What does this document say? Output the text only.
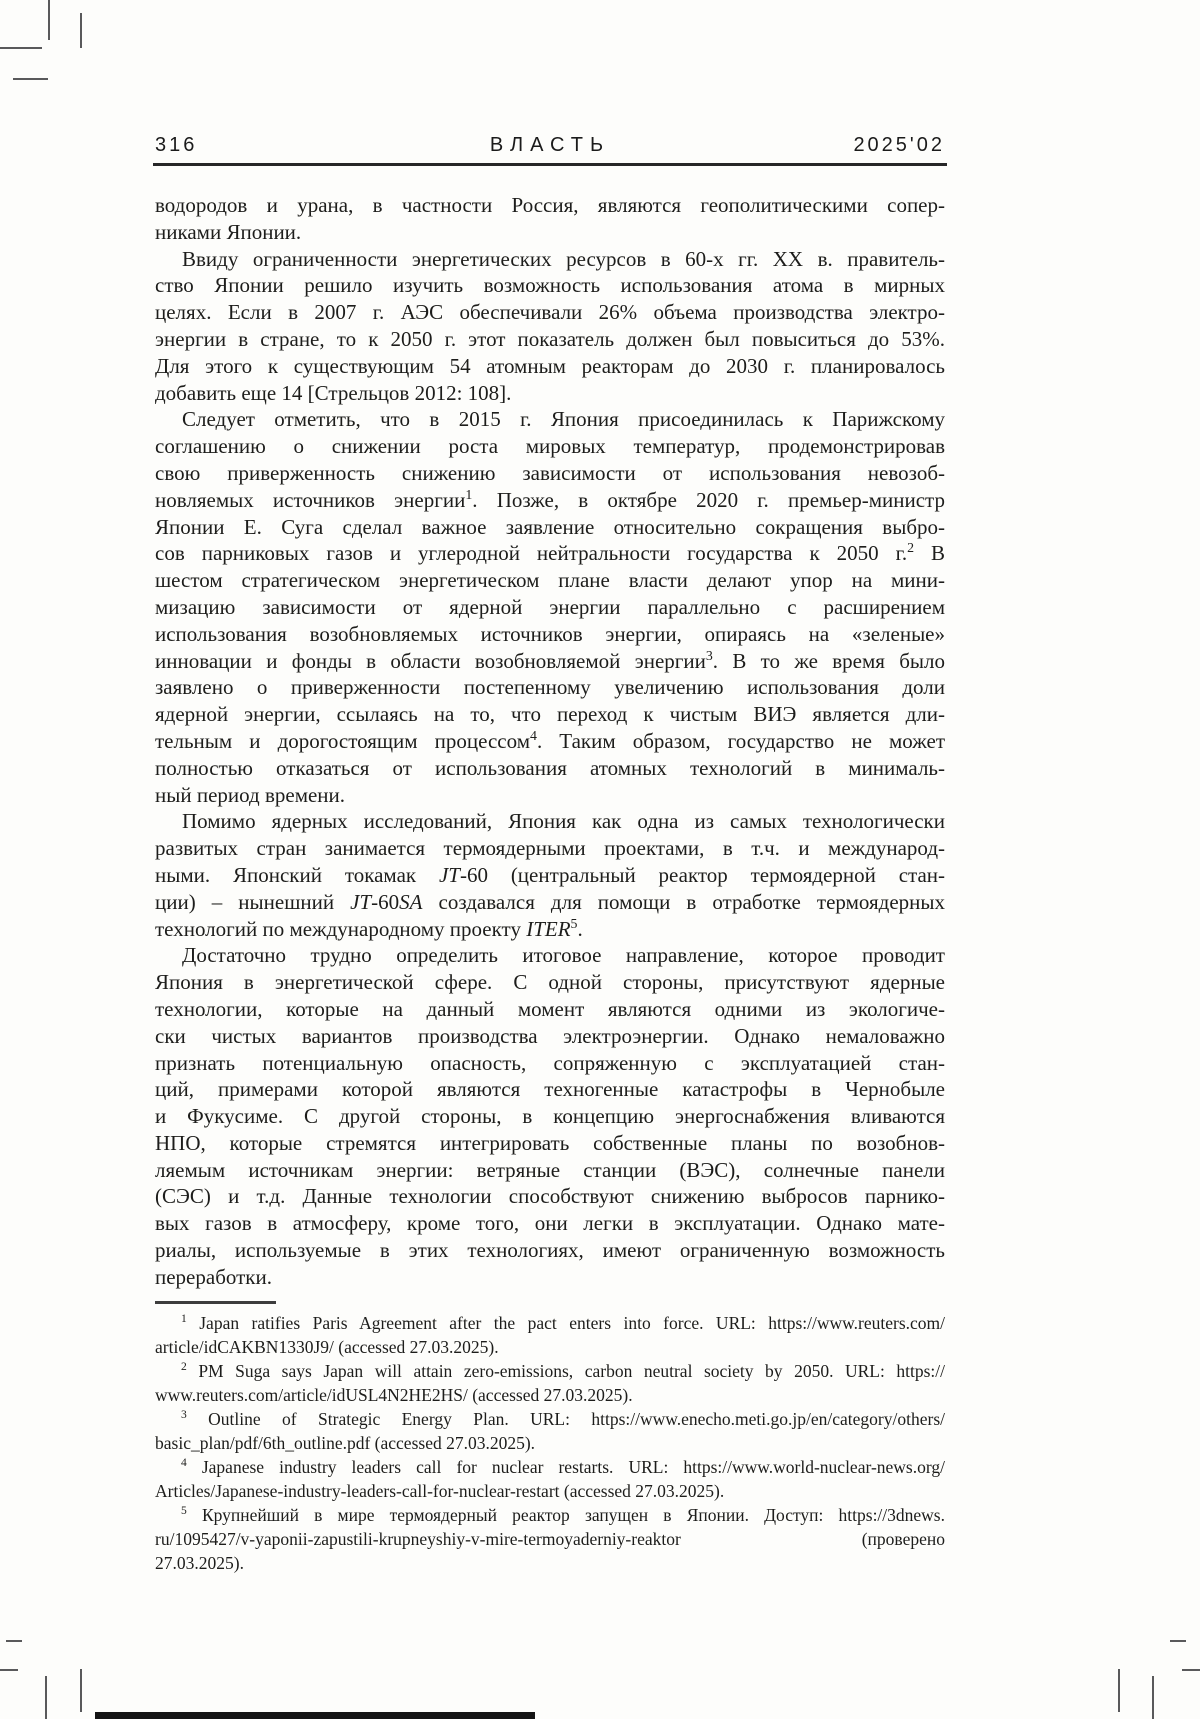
316	ВЛАСТЬ	2025'02
водородов и урана, в частности Россия, являются геополитическими сопер-
никами Японии.
Ввиду ограниченности энергетических ресурсов в 60-х гг. XX в. правитель-
ство Японии решило изучить возможность использования атома в мирных
целях. Если в 2007 г. АЭС обеспечивали 26% объема производства электро-
энергии в стране, то к 2050 г. этот показатель должен был повыситься до 53%.
Для этого к существующим 54 атомным реакторам до 2030 г. планировалось
добавить еще 14 [Стрельцов 2012: 108].
Следует отметить, что в 2015 г. Япония присоединилась к Парижскому
соглашению о снижении роста мировых температур, продемонстрировав
свою приверженность снижению зависимости от использования невозоб-
новляемых источников энергии$^1$. Позже, в октябре 2020 г. премьер-министр
Японии Е. Суга сделал важное заявление относительно сокращения выбро-
сов парниковых газов и углеродной нейтральности государства к 2050 г.$^2$ В
шестом стратегическом энергетическом плане власти делают упор на мини-
мизацию зависимости от ядерной энергии параллельно с расширением
использования возобновляемых источников энергии, опираясь на «зеленые»
инновации и фонды в области возобновляемой энергии$^3$. В то же время было
заявлено о приверженности постепенному увеличению использования доли
ядерной энергии, ссылаясь на то, что переход к чистым ВИЭ является дли-
тельным и дорогостоящим процессом$^4$. Таким образом, государство не может
полностью отказаться от использования атомных технологий в минималь-
ный период времени.
Помимо ядерных исследований, Япония как одна из самых технологически
развитых стран занимается термоядерными проектами, в т.ч. и международ-
ными. Японский токамак JT-60 (центральный реактор термоядерной стан-
ции) – нынешний JT-60SA создавался для помощи в отработке термоядерных
технологий по международному проекту ITER$^5$.
Достаточно трудно определить итоговое направление, которое проводит
Япония в энергетической сфере. С одной стороны, присутствуют ядерные
технологии, которые на данный момент являются одними из экологиче-
ски чистых вариантов производства электроэнергии. Однако немаловажно
признать потенциальную опасность, сопряженную с эксплуатацией стан-
ций, примерами которой являются техногенные катастрофы в Чернобыле
и Фукусиме. С другой стороны, в концепцию энергоснабжения вливаются
НПО, которые стремятся интегрировать собственные планы по возобнов-
ляемым источникам энергии: ветряные станции (ВЭС), солнечные панели
(СЭС) и т.д. Данные технологии способствуют снижению выбросов парнико-
вых газов в атмосферу, кроме того, они легки в эксплуатации. Однако мате-
риалы, используемые в этих технологиях, имеют ограниченную возможность
переработки.
$^1$ Japan ratifies Paris Agreement after the pact enters into force. URL: https://www.reuters.com/
article/idCAKBN1330J9/ (accessed 27.03.2025).
$^2$ PM Suga says Japan will attain zero-emissions, carbon neutral society by 2050. URL: https://
www.reuters.com/article/idUSL4N2HE2HS/ (accessed 27.03.2025).
$^3$ Outline of Strategic Energy Plan. URL: https://www.enecho.meti.go.jp/en/category/others/
basic_plan/pdf/6th_outline.pdf (accessed 27.03.2025).
$^4$ Japanese industry leaders call for nuclear restarts. URL: https://www.world-nuclear-news.org/
Articles/Japanese-industry-leaders-call-for-nuclear-restart (accessed 27.03.2025).
$^5$ Крупнейший в мире термоядерный реактор запущен в Японии. Доступ: https://3dnews.
ru/1095427/v-yaponii-zapustili-krupneyshiy-v-mire-termoyaderniy-reaktor (проверено
27.03.2025).
